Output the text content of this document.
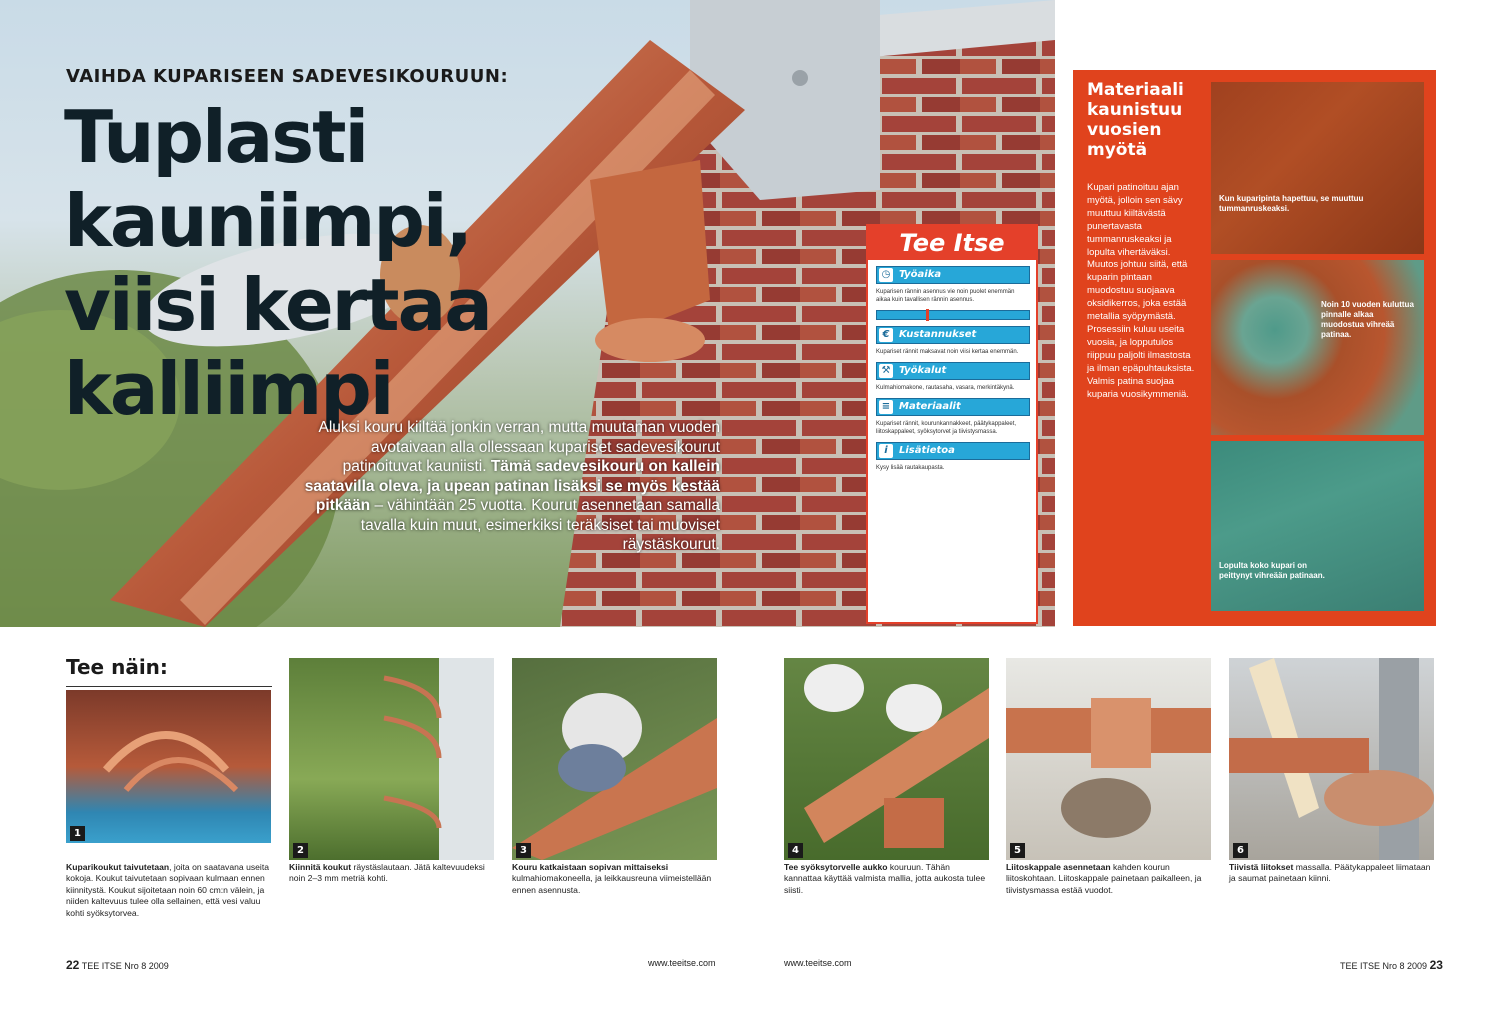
VAIHDA KUPARISEEN SADEVESIKOURUUN:
Tuplasti kauniimpi,
viisi kertaa
kalliimpi
Aluksi kouru kiiltää jonkin verran, mutta muutaman vuoden avotaivaan alla ollessaan kupariset sadevesikourut patinoituvat kauniisti. Tämä sadevesikouru on kallein saatavilla oleva, ja upean patinan lisäksi se myös kestää pitkään – vähintään 25 vuotta. Kourut asennetaan samalla tavalla kuin muut, esimerkiksi teräksiset tai muoviset räystäskourut.
Tee Itse
◷ Työaika
Kuparisen rännin asennus vie noin puolet enemmän aikaa kuin tavallisen rännin asennus.
€ Kustannukset
Kupariset rännit maksavat noin viisi kertaa enemmän.
⚒ Työkalut
Kulmahiomakone, rautasaha, vasara, merkintäkynä.
≡ Materiaalit
Kupariset rännit, kourunkannakkeet, päätykappaleet, liitoskappaleet, syöksytorvet ja tiivistysmassa.
i	Lisätietoa
Kysy lisää rautakaupasta.
Materiaali
kaunistuu
vuosien
myötä
Kupari patinoituu ajan myötä, jolloin sen sävy muuttuu kiiltävästä punertavasta tummanruskeaksi ja lopulta vihertäväksi. Muutos johtuu siitä, että kuparin pintaan muodostuu suojaava oksidikerros, joka estää metallia syöpymästä. Prosessiin kuluu useita vuosia, ja lopputulos riippuu paljolti ilmastosta ja ilman epäpuhtauksista. Valmis patina suojaa kuparia vuosikymmeniä.
Kun kuparipinta hapettuu, se muuttuu tummanruskeaksi.
Noin 10 vuoden kuluttua pinnalle alkaa muodostua vihreää patinaa.
Lopulta koko kupari on peittynyt vihreään patinaan.
Tee näin:
1
2	3	4	5	6
Kuparikoukut taivutetaan, joita on saatavana useita kokoja. Koukut taivutetaan sopivaan kulmaan ennen kiinnitystä. Koukut sijoitetaan noin 60 cm:n välein, ja niiden kaltevuus tulee olla sellainen, että vesi valuu kohti syöksytorvea.
Kiinnitä koukut räystäslautaan. Jätä kaltevuudeksi noin 2–3 mm metriä kohti.
Kouru katkaistaan sopivan mittaiseksi kulmahiomakoneella, ja leikkausreuna viimeistellään ennen asennusta.
Tee syöksytorvelle aukko kouruun. Tähän kannattaa käyttää valmista mallia, jotta aukosta tulee siisti.
Liitoskappale asennetaan kahden kourun liitoskohtaan. Liitoskappale painetaan paikalleen, ja tiivistysmassa estää vuodot.
Tiivistä liitokset massalla. Päätykappaleet liimataan ja saumat painetaan kiinni.
22 TEE ITSE Nro 8 2009	www.teeitse.com	www.teeitse.com	TEE ITSE Nro 8 2009 23
